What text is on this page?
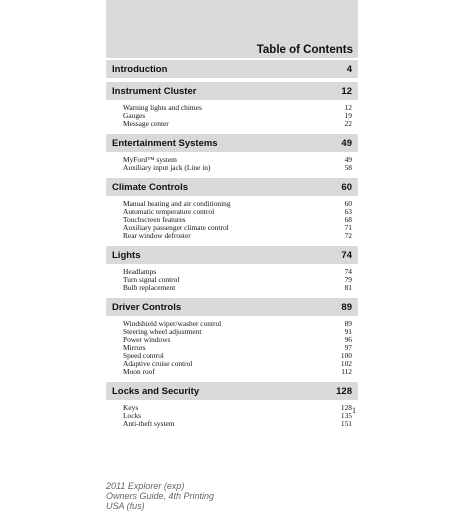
Table of Contents
Introduction	4
Instrument Cluster	12
Warning lights and chimes	12
Gauges	19
Message center	22
Entertainment Systems	49
MyFord™ system	49
Auxiliary input jack (Line in)	58
Climate Controls	60
Manual heating and air conditioning	60
Automatic temperature control	63
Touchscreen features	68
Auxiliary passenger climate control	71
Rear window defroster	72
Lights	74
Headlamps	74
Turn signal control	79
Bulb replacement	81
Driver Controls	89
Windshield wiper/washer control	89
Steering wheel adjustment	91
Power windows	96
Mirrors	97
Speed control	100
Adaptive cruise control	102
Moon roof	112
Locks and Security	128
Keys	128
Locks	135
Anti-theft system	151
1
2011 Explorer (exp)
Owners Guide, 4th Printing
USA (fus)
